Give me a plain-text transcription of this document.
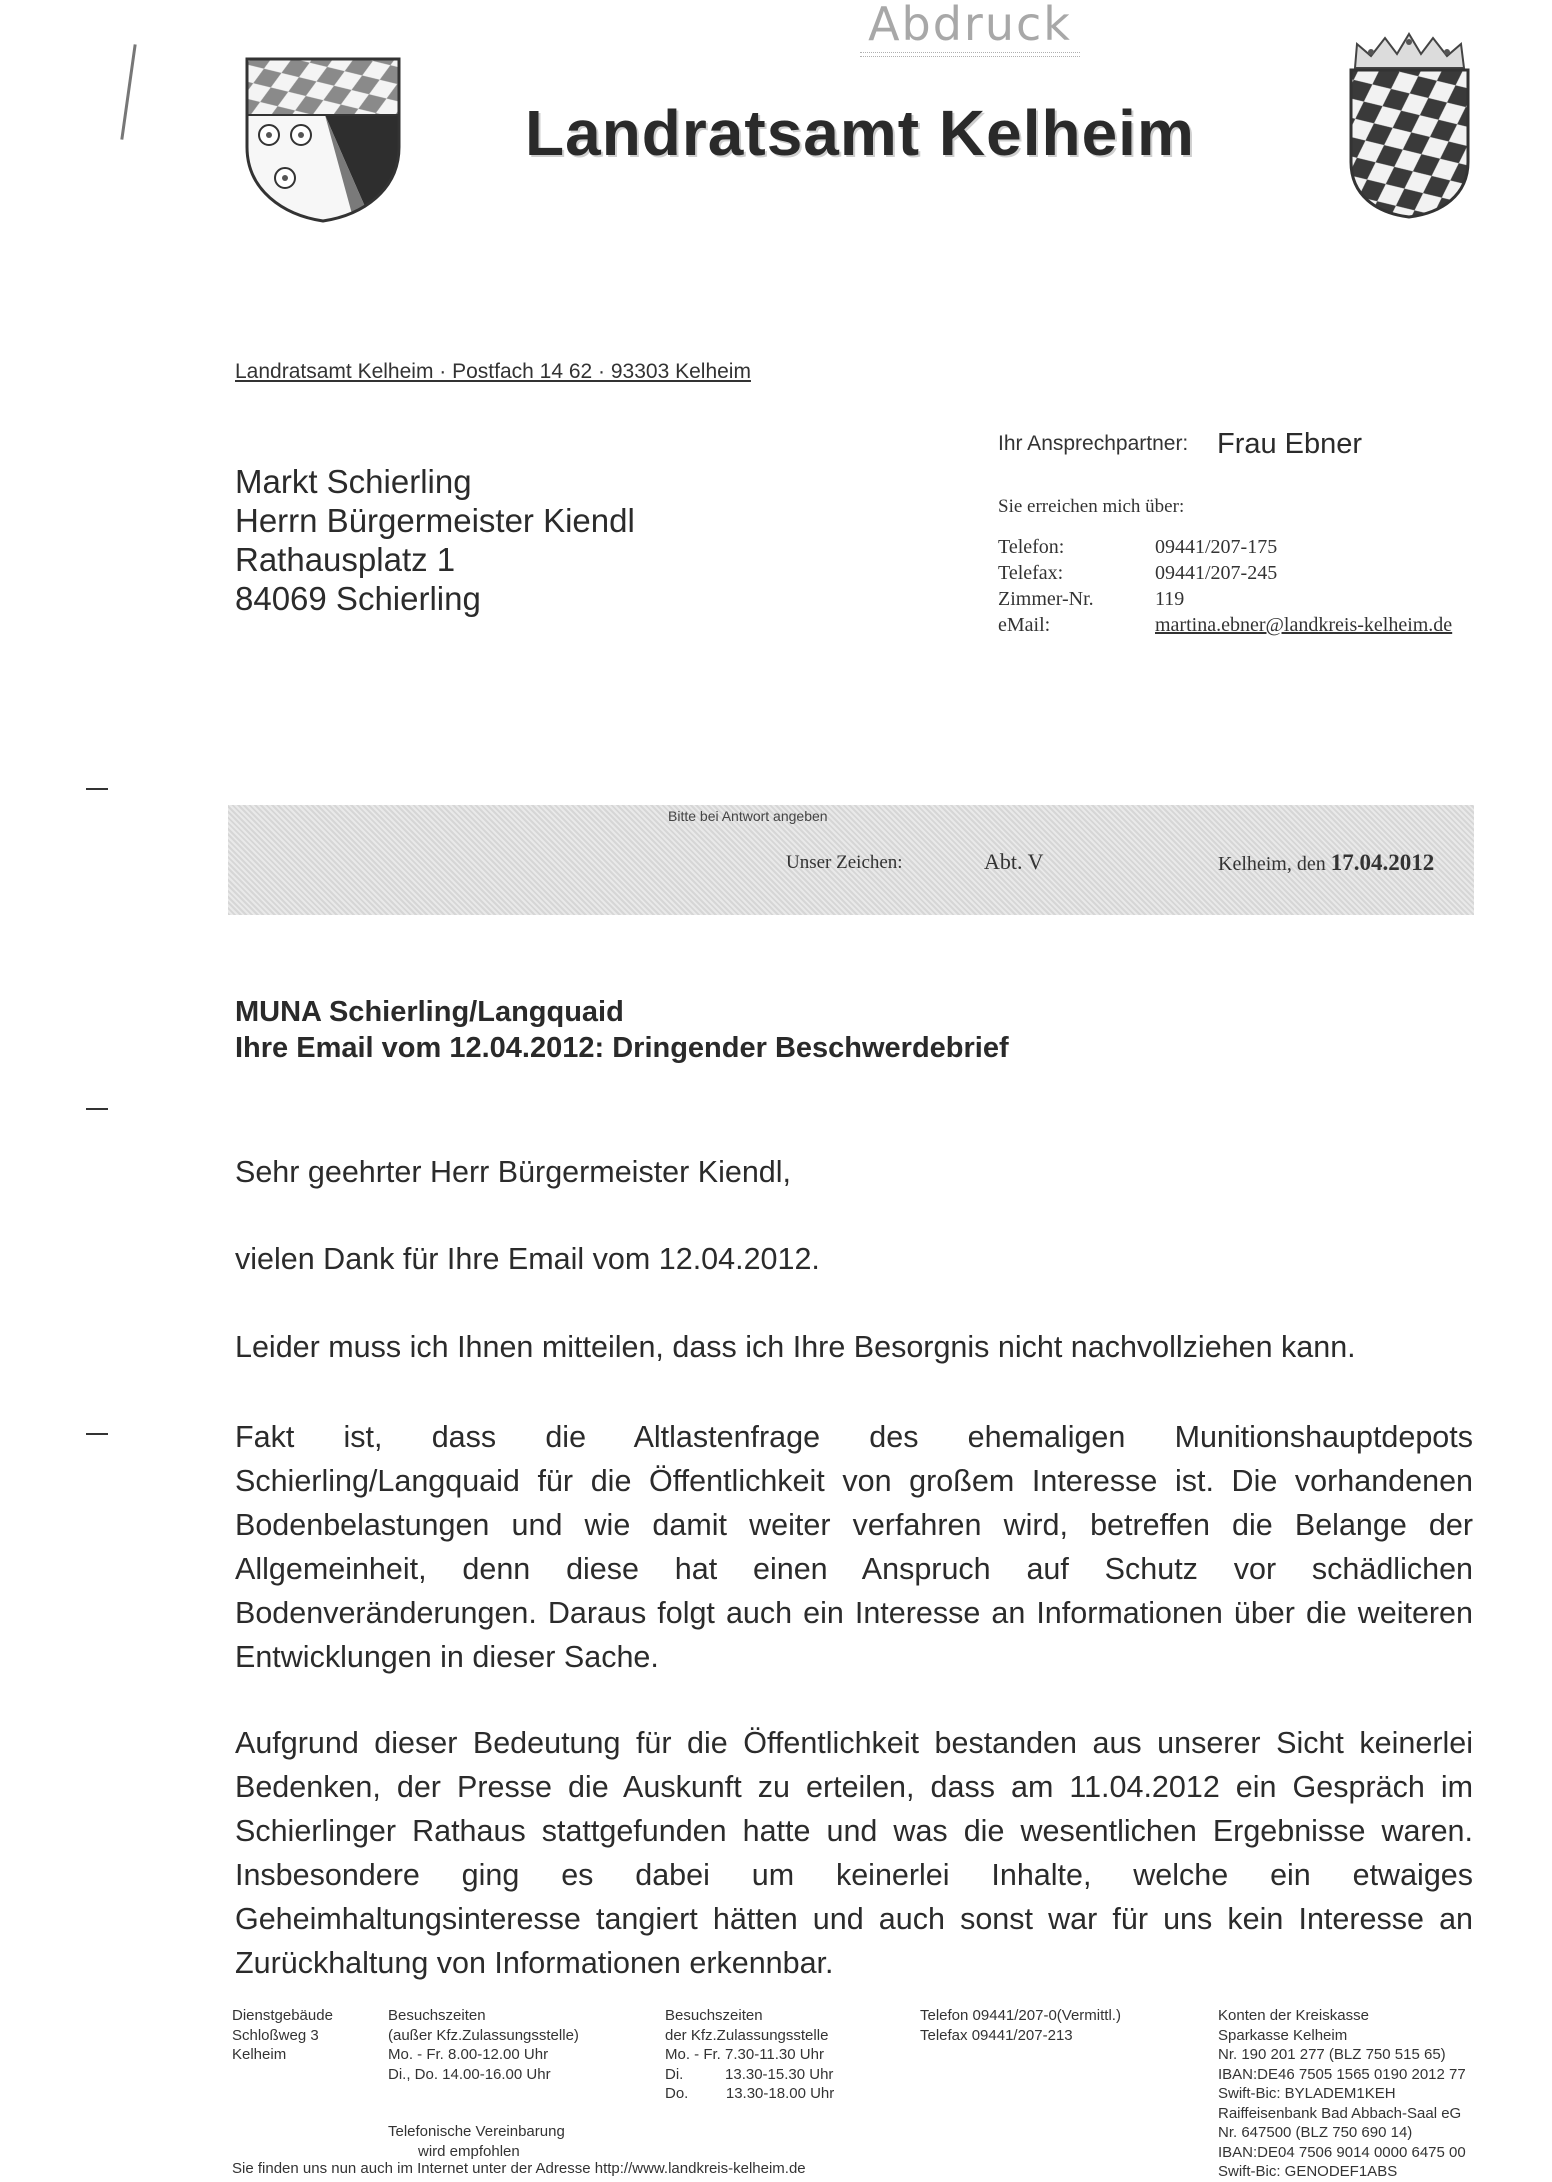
Abdruck
Landratsamt Kelheim
Landratsamt Kelheim · Postfach 14 62 · 93303 Kelheim
Markt Schierling
Herrn Bürgermeister Kiendl
Rathausplatz 1
84069 Schierling
Ihr Ansprechpartner: Frau Ebner
Sie erreichen mich über:
Telefon:
Telefax:
Zimmer-Nr.
eMail:
09441/207-175
09441/207-245
119
martina.ebner@landkreis-kelheim.de
Bitte bei Antwort angeben
Unser Zeichen:	Abt. V	Kelheim, den 17.04.2012
MUNA Schierling/Langquaid
Ihre Email vom 12.04.2012: Dringender Beschwerdebrief
Sehr geehrter Herr Bürgermeister Kiendl,
vielen Dank für Ihre Email vom 12.04.2012.
Leider muss ich Ihnen mitteilen, dass ich Ihre Besorgnis nicht nachvollziehen kann.
Fakt ist, dass die Altlastenfrage des ehemaligen Munitionshauptdepots Schierling/Langquaid für die Öffentlichkeit von großem Interesse ist. Die vorhandenen Bodenbelastungen und wie damit weiter verfahren wird, betreffen die Belange der Allgemeinheit, denn diese hat einen Anspruch auf Schutz vor schädlichen Bodenveränderungen. Daraus folgt auch ein Interesse an Informationen über die weiteren Entwicklungen in dieser Sache.
Aufgrund dieser Bedeutung für die Öffentlichkeit bestanden aus unserer Sicht keinerlei Bedenken, der Presse die Auskunft zu erteilen, dass am 11.04.2012 ein Gespräch im Schierlinger Rathaus stattgefunden hatte und was die wesentlichen Ergebnisse waren. Insbesondere ging es dabei um keinerlei Inhalte, welche ein etwaiges Geheimhaltungsinteresse tangiert hätten und auch sonst war für uns kein Interesse an Zurückhaltung von Informationen erkennbar.
Dienstgebäude
Schloßweg 3
Kelheim
Besuchszeiten
(außer Kfz.Zulassungsstelle)
Mo. - Fr. 8.00-12.00 Uhr
Di., Do. 14.00-16.00 Uhr
Telefonische Vereinbarung
wird empfohlen
Besuchszeiten
der Kfz.Zulassungsstelle
Mo. - Fr. 7.30-11.30 Uhr
Di.          13.30-15.30 Uhr
Do.         13.30-18.00 Uhr
Telefon 09441/207-0(Vermittl.)
Telefax 09441/207-213
Konten der Kreiskasse
Sparkasse Kelheim
Nr. 190 201 277 (BLZ 750 515 65)
IBAN:DE46 7505 1565 0190 2012 77
Swift-Bic: BYLADEM1KEH
Raiffeisenbank Bad Abbach-Saal eG
Nr. 647500 (BLZ 750 690 14)
IBAN:DE04 7506 9014 0000 6475 00
Swift-Bic: GENODEF1ABS
Sie finden uns nun auch im Internet unter der Adresse http://www.landkreis-kelheim.de
